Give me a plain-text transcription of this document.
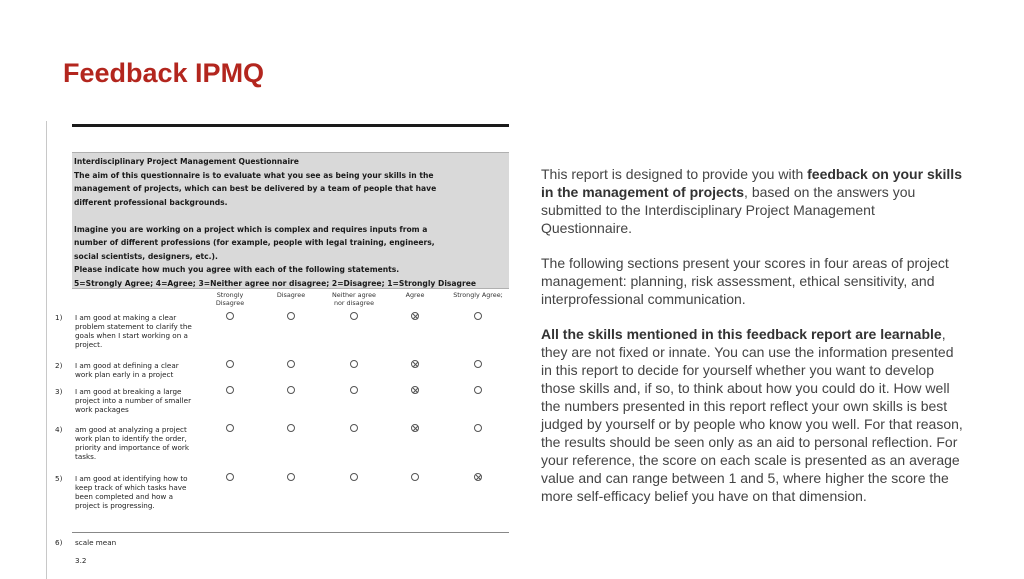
Feedback IPMQ

Interdisciplinary Project Management Questionnaire

The aim of this questionnaire is to evaluate what you see as being your skills in the

management of projects, which can best be delivered by a team of people that have

different professional backgrounds.

Imagine you are working on a project which is complex and requires inputs from a

number of different professions (for example, people with legal training, engineers,

social scientists, designers, etc.).

Please indicate how much you agree with each of the following statements.

5=Strongly Agree; 4=Agree; 3=Neither agree nor disagree; 2=Disagree; 1=Strongly Disagree

Strongly
Disagree
Disagree	Neither agree
nor disagree
Agree	Strongly Agree;
1) I am good at making a clear
problem statement to clarify the
goals when I start working on a
project.
2) I am good at defining a clear
work plan early in a project
3) I am good at breaking a large
project into a number of smaller
work packages
4) am good at analyzing a project
work plan to identify the order,
priority and importance of work
tasks.
5) I am good at identifying how to
keep track of which tasks have
been completed and how a
project is progressing.
6) scale mean
3.2

This report is designed to provide you with feedback on your skills in the management of projects, based on the answers you submitted to the Interdisciplinary Project Management Questionnaire.

The following sections present your scores in four areas of project management: planning, risk assessment, ethical sensitivity, and interprofessional communication.

All the skills mentioned in this feedback report are learnable, they are not fixed or innate. You can use the information presented in this report to decide for yourself whether you want to develop those skills and, if so, to think about how you could do it. How well the numbers presented in this report reflect your own skills is best judged by yourself or by people who know you well. For that reason, the results should be seen only as an aid to personal reflection. For your reference, the score on each scale is presented as an average value and can range between 1 and 5, where higher the score the more self-efficacy belief you have on that dimension.
